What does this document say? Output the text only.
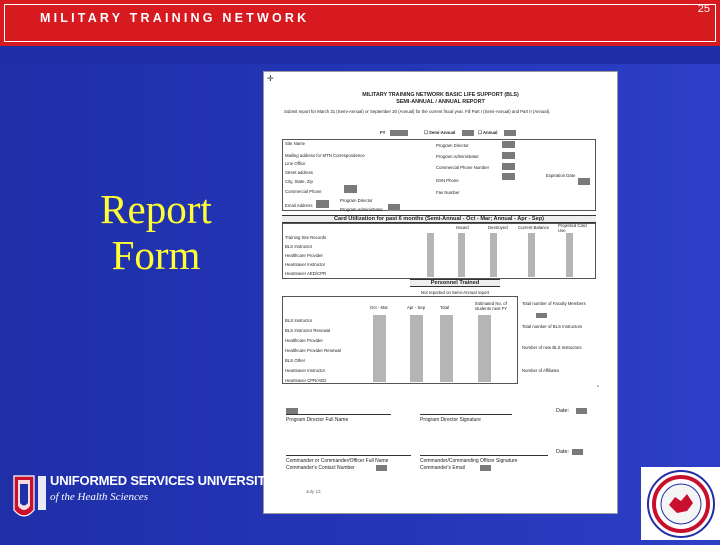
MILITARY TRAINING NETWORK
25
Report
Form
✛
MILITARY TRAINING NETWORK BASIC LIFE SUPPORT (BLS)
SEMI-ANNUAL / ANNUAL REPORT
Submit report for March 31 (Semi-Annual) or September 30 (Annual) for the current fiscal year. Fill Part I (Semi-Annual) and Part II (Annual).
FY	☐ Semi-Annual	☐ Annual
Site Name
Mailing address for MTN Correspondence
Line Office
Street address
City, State, Zip
Commercial Phone
Email Address
Program Director
Program Administrator
Commercial Phone Number
DSN Phone
Expiration Date
Fax Number
Program Director
Program Administrator
Card Utilization for past 6 months (Semi-Annual - Oct - Mar; Annual - Apr - Sep)
Issued	Destroyed Current Balance Projected Card Use
Training Site Records
BLS Instructor
Healthcare Provider
Heartsaver Instructor
Heartsaver AED/CPR
Personnel Trained
Not reported on Semi-Annual report
Oct - Mar	Apr - Sep	Total
Estimated No. of students next FY
BLS Instructor
BLS Instructor Renewal
Healthcare Provider
Healthcare Provider Renewal
BLS Other
Heartsaver Instructor
Heartsaver CPR/AED
Total number of Faculty Members
Total number of BLS Instructors
Number of new BLS Instructors
Number of Affiliates
▫
Program Director Full Name	Program Director Signature
Date:
Commander or Commander/Officer Full Name
Commander's Contact Number
Commander/Commanding Officer Signature
Commander's Email
Date:
July 13
UNIFORMED SERVICES UNIVERSITY
of the Health Sciences
